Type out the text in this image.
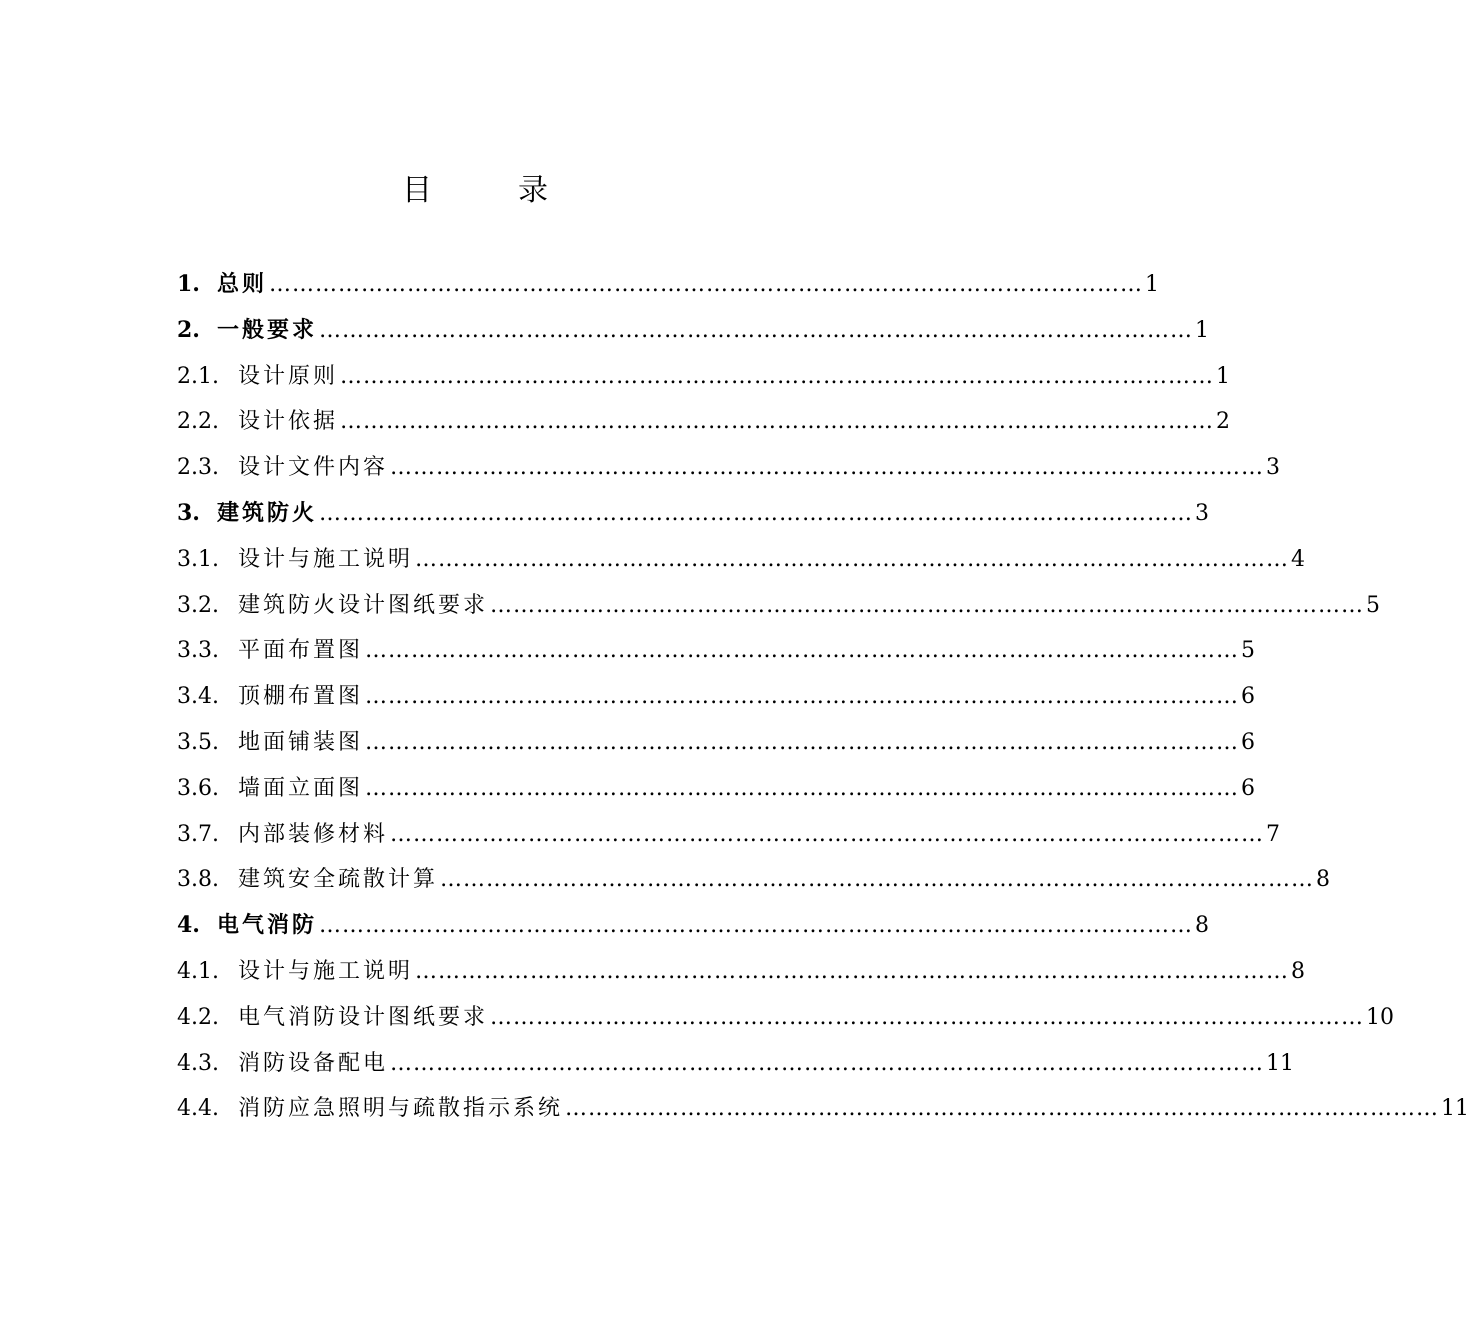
目　录
1. 总则 …………………………………………………………………………………………………… 1
2. 一般要求 …………………………………………………………………………………………………… 1
2.1. 设计原则 …………………………………………………………………………………………………… 1
2.2. 设计依据 …………………………………………………………………………………………………… 2
2.3. 设计文件内容 …………………………………………………………………………………………………… 3
3. 建筑防火 …………………………………………………………………………………………………… 3
3.1. 设计与施工说明 …………………………………………………………………………………………………… 4
3.2. 建筑防火设计图纸要求 …………………………………………………………………………………………………… 5
3.3. 平面布置图 …………………………………………………………………………………………………… 5
3.4. 顶棚布置图 …………………………………………………………………………………………………… 6
3.5. 地面铺装图 …………………………………………………………………………………………………… 6
3.6. 墙面立面图 …………………………………………………………………………………………………… 6
3.7. 内部装修材料 …………………………………………………………………………………………………… 7
3.8. 建筑安全疏散计算 …………………………………………………………………………………………………… 8
4. 电气消防 …………………………………………………………………………………………………… 8
4.1. 设计与施工说明 …………………………………………………………………………………………………… 8
4.2. 电气消防设计图纸要求 …………………………………………………………………………………………………… 10
4.3. 消防设备配电 …………………………………………………………………………………………………… 11
4.4. 消防应急照明与疏散指示系统 …………………………………………………………………………………………………… 11
